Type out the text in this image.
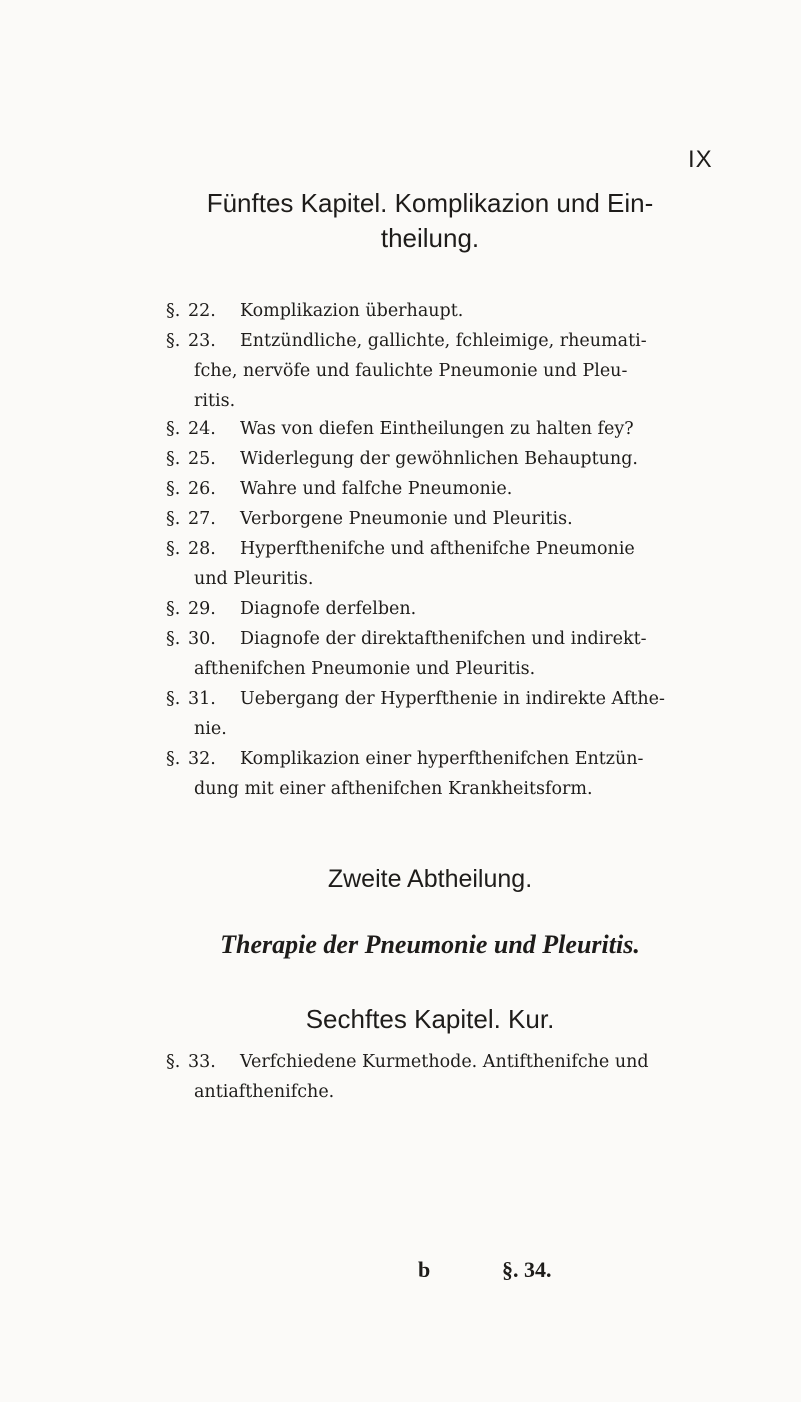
IX
Fünftes Kapitel. Komplikazion und Ein-
theilung.
§. 22. Komplikazion überhaupt.
§. 23. Entzündliche, gallichte, fchleimige, rheumati-
fche, nervöfe und faulichte Pneumonie und Pleu-
ritis.
§. 24. Was von diefen Eintheilungen zu halten fey?
§. 25. Widerlegung der gewöhnlichen Behauptung.
§. 26. Wahre und falfche Pneumonie.
§. 27. Verborgene Pneumonie und Pleuritis.
§. 28. Hyperfthenifche und afthenifche Pneumonie
und Pleuritis.
§. 29. Diagnofe derfelben.
§. 30. Diagnofe der direktafthenifchen und indirekt-
afthenifchen Pneumonie und Pleuritis.
§. 31. Uebergang der Hyperfthenie in indirekte Afthe-
nie.
§. 32. Komplikazion einer hyperfthenifchen Entzün-
dung mit einer afthenifchen Krankheitsform.
Zweite Abtheilung.
Therapie der Pneumonie und Pleuritis.
Sechftes Kapitel. Kur.
§. 33. Verfchiedene Kurmethode. Antifthenifche und
antiafthenifche.
b	§. 34.
